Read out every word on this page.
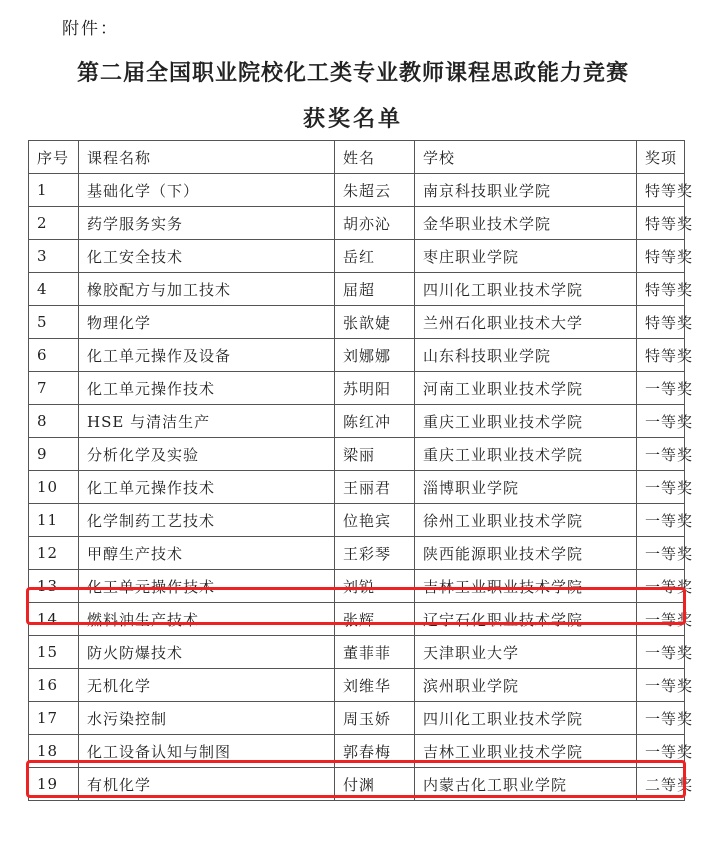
附件：
第二届全国职业院校化工类专业教师课程思政能力竞赛
获奖名单
序号	课程名称	姓名	学校	奖项
1	基础化学（下）	朱超云	南京科技职业学院	特等奖
2	药学服务实务	胡亦沁	金华职业技术学院	特等奖
3	化工安全技术	岳红	枣庄职业学院	特等奖
4	橡胶配方与加工技术	屈超	四川化工职业技术学院	特等奖
5	物理化学	张歆婕	兰州石化职业技术大学	特等奖
6	化工单元操作及设备	刘娜娜	山东科技职业学院	特等奖
7	化工单元操作技术	苏明阳	河南工业职业技术学院	一等奖
8	HSE 与清洁生产	陈红冲	重庆工业职业技术学院	一等奖
9	分析化学及实验	梁丽	重庆工业职业技术学院	一等奖
10	化工单元操作技术	王丽君	淄博职业学院	一等奖
11	化学制药工艺技术	位艳宾	徐州工业职业技术学院	一等奖
12	甲醇生产技术	王彩琴	陕西能源职业技术学院	一等奖
13	化工单元操作技术	刘锐	吉林工业职业技术学院	一等奖
14	燃料油生产技术	张辉	辽宁石化职业技术学院	一等奖
15	防火防爆技术	董菲菲	天津职业大学	一等奖
16	无机化学	刘维华	滨州职业学院	一等奖
17	水污染控制	周玉娇	四川化工职业技术学院	一等奖
18	化工设备认知与制图	郭春梅	吉林工业职业技术学院	一等奖
19	有机化学	付渊	内蒙古化工职业学院	二等奖
